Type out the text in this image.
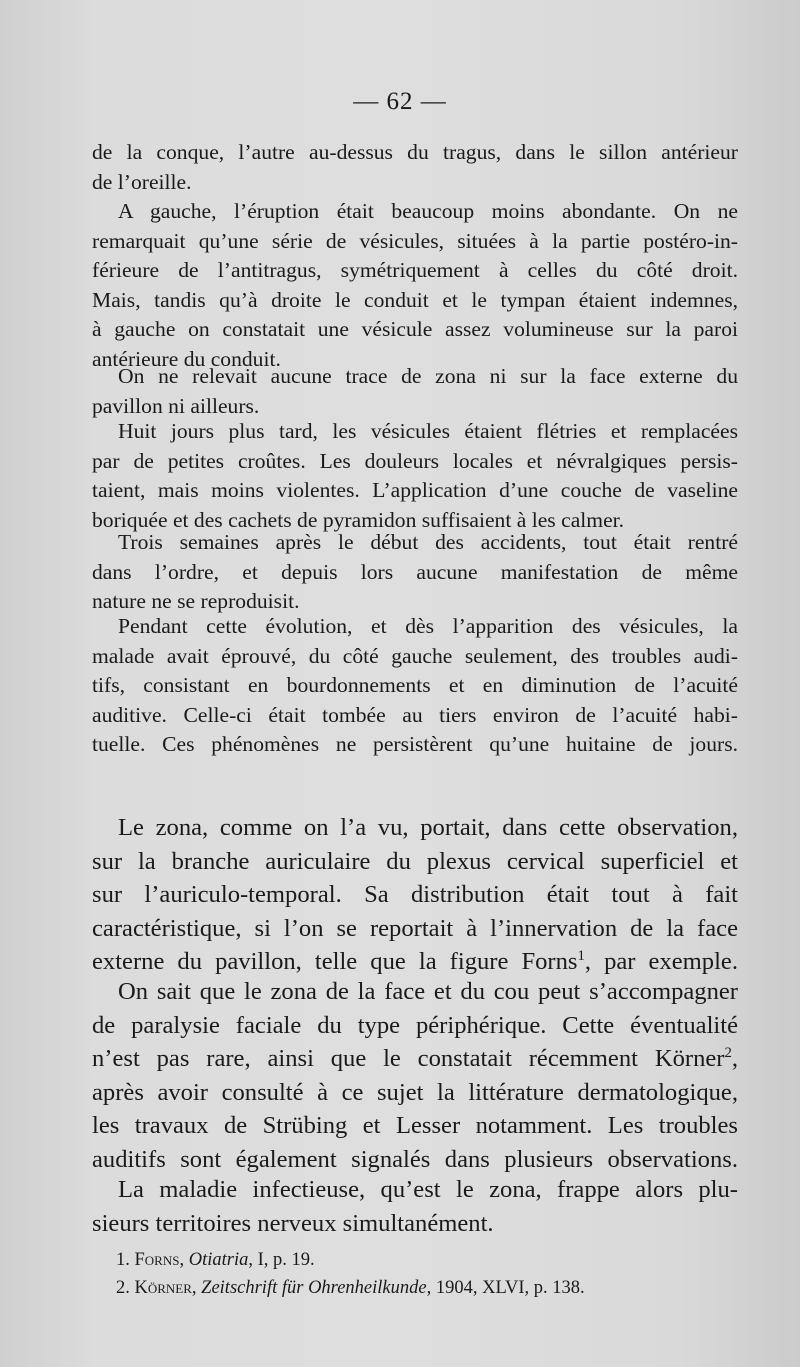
— 62 —
de la conque, l’autre au-dessus du tragus, dans le sillon antérieur
de l’oreille.
A gauche, l’éruption était beaucoup moins abondante. On ne
remarquait qu’une série de vésicules, situées à la partie postéro-in-
férieure de l’antitragus, symétriquement à celles du côté droit.
Mais, tandis qu’à droite le conduit et le tympan étaient indemnes,
à gauche on constatait une vésicule assez volumineuse sur la paroi
antérieure du conduit.
On ne relevait aucune trace de zona ni sur la face externe du
pavillon ni ailleurs.
Huit jours plus tard, les vésicules étaient flétries et remplacées
par de petites croûtes. Les douleurs locales et névralgiques persis-
taient, mais moins violentes. L’application d’une couche de vaseline
boriquée et des cachets de pyramidon suffisaient à les calmer.
Trois semaines après le début des accidents, tout était rentré
dans l’ordre, et depuis lors aucune manifestation de même
nature ne se reproduisit.
Pendant cette évolution, et dès l’apparition des vésicules, la
malade avait éprouvé, du côté gauche seulement, des troubles audi-
tifs, consistant en bourdonnements et en diminution de l’acuité
auditive. Celle-ci était tombée au tiers environ de l’acuité habi-
tuelle. Ces phénomènes ne persistèrent qu’une huitaine de jours.
Le zona, comme on l’a vu, portait, dans cette observation,
sur la branche auriculaire du plexus cervical superficiel et
sur l’auriculo-temporal. Sa distribution était tout à fait
caractéristique, si l’on se reportait à l’innervation de la face
externe du pavillon, telle que la figure Forns$^1$, par exemple.
On sait que le zona de la face et du cou peut s’accompagner
de paralysie faciale du type périphérique. Cette éventualité
n’est pas rare, ainsi que le constatait récemment Körner$^2$,
après avoir consulté à ce sujet la littérature dermatologique,
les travaux de Strübing et Lesser notamment. Les troubles
auditifs sont également signalés dans plusieurs observations.
La maladie infectieuse, qu’est le zona, frappe alors plu-
sieurs territoires nerveux simultanément.
1. Forns, Otiatria, I, p. 19.
2. Körner, Zeitschrift für Ohrenheilkunde, 1904, XLVI, p. 138.
